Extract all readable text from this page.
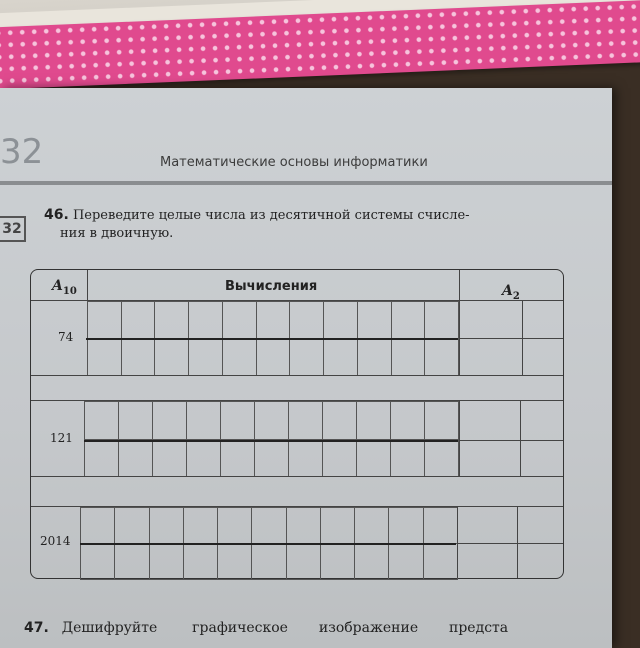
32	Математические основы информатики
32
46. Переведите целые числа из десятичной системы счисле-
ния в двоичную.
$A_{10}$	Вычисления	$A_2$
74
121
2014
47. Дешифруйте графическое изображение предста
